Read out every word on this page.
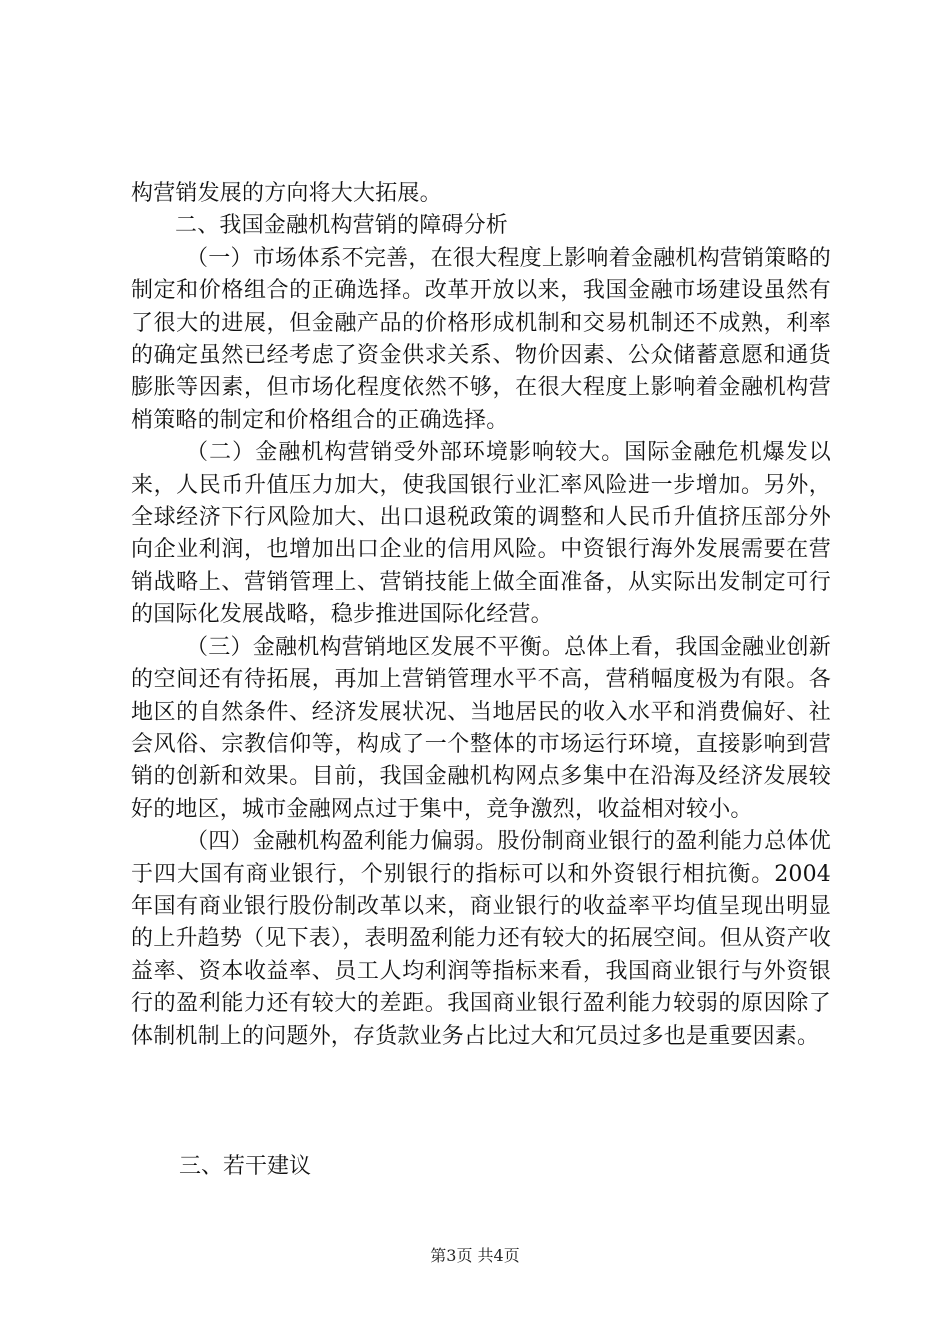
构营销发展的方向将大大拓展。

二、我国金融机构营销的障碍分析

（一）市场体系不完善，在很大程度上影响着金融机构营销策略的制定和价格组合的正确选择。改革开放以来，我国金融市场建设虽然有了很大的进展，但金融产品的价格形成机制和交易机制还不成熟，利率的确定虽然已经考虑了资金供求关系、物价因素、公众储蓄意愿和通货膨胀等因素，但市场化程度依然不够，在很大程度上影响着金融机构营梢策略的制定和价格组合的正确选择。

（二）金融机构营销受外部环境影响较大。国际金融危机爆发以来，人民币升值压力加大，使我国银行业汇率风险进一步增加。另外，全球经济下行风险加大、出口退税政策的调整和人民币升值挤压部分外向企业利润，也增加出口企业的信用风险。中资银行海外发展需要在营销战略上、营销管理上、营销技能上做全面准备，从实际出发制定可行的国际化发展战略，稳步推进国际化经营。

（三）金融机构营销地区发展不平衡。总体上看，我国金融业创新的空间还有待拓展，再加上营销管理水平不高，营稍幅度极为有限。各地区的自然条件、经济发展状况、当地居民的收入水平和消费偏好、社会风俗、宗教信仰等，构成了一个整体的市场运行环境，直接影响到营销的创新和效果。目前，我国金融机构网点多集中在沿海及经济发展较好的地区，城市金融网点过于集中，竞争激烈，收益相对较小。

（四）金融机构盈利能力偏弱。股份制商业银行的盈利能力总体优于四大国有商业银行，个别银行的指标可以和外资银行相抗衡。2004年国有商业银行股份制改革以来，商业银行的收益率平均值呈现出明显的上升趋势（见下表），表明盈利能力还有较大的拓展空间。但从资产收益率、资本收益率、员工人均利润等指标来看，我国商业银行与外资银行的盈利能力还有较大的差距。我国商业银行盈利能力较弱的原因除了体制机制上的问题外，存货款业务占比过大和冗员过多也是重要因素。

三、若干建议
第3页 共4页
